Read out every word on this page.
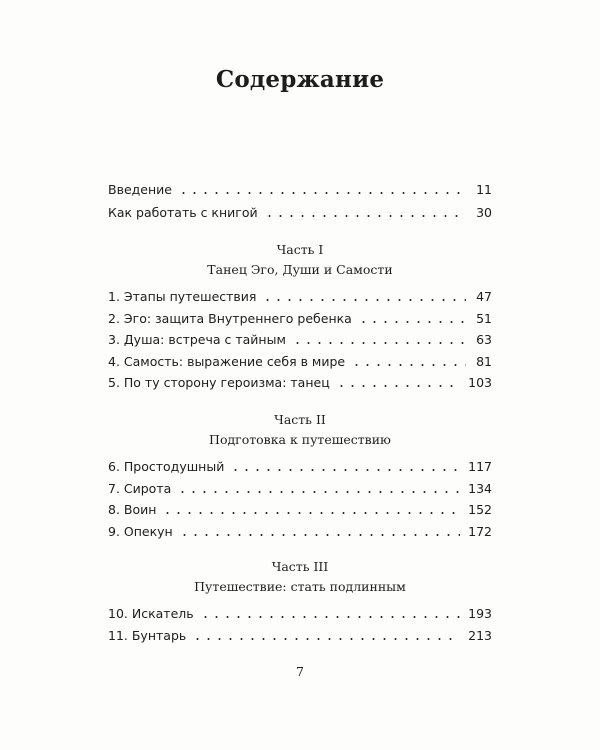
Содержание
Введение	11
Как работать с книгой	30
Часть I
Танец Эго, Души и Самости
1. Этапы путешествия	47
2. Эго: защита Внутреннего ребенка	51
3. Душа: встреча с тайным	63
4. Самость: выражение себя в мире	81
5. По ту сторону героизма: танец	103
Часть II
Подготовка к путешествию
6. Простодушный	117
7. Сирота	134
8. Воин	152
9. Опекун	172
Часть III
Путешествие: стать подлинным
10. Искатель	193
11. Бунтарь	213
7
